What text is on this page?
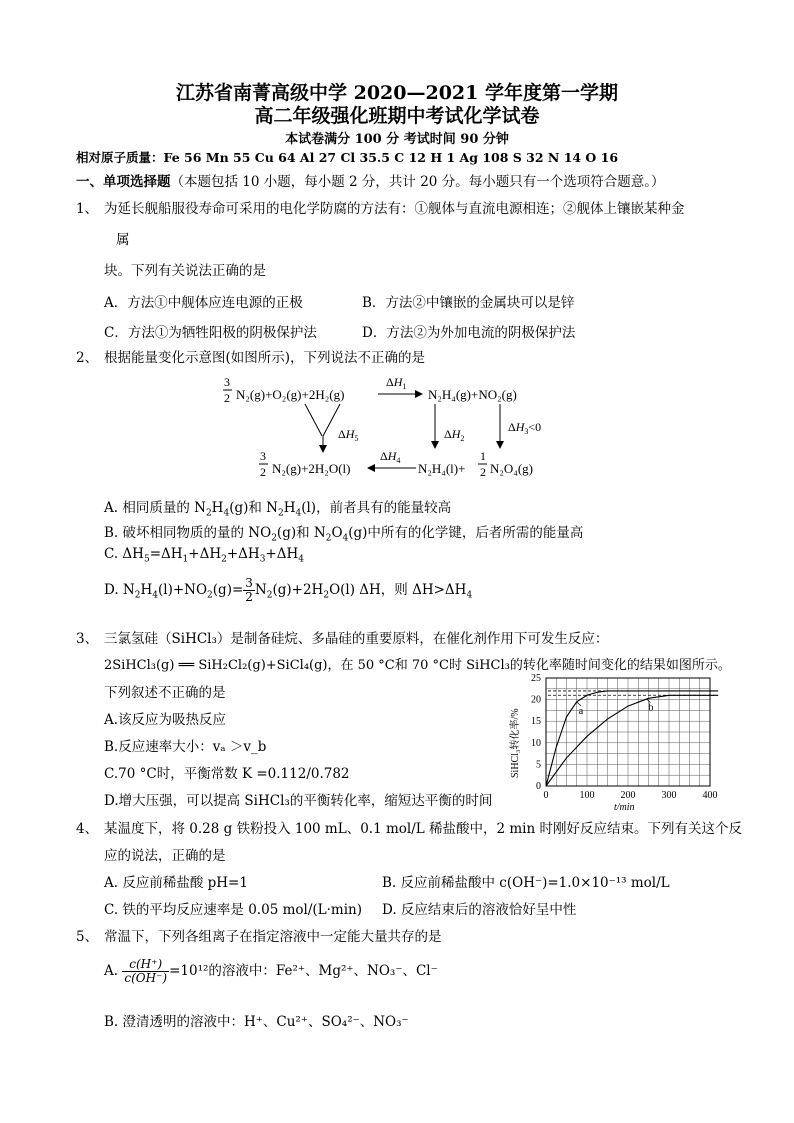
江苏省南菁高级中学 2020—2021 学年度第一学期
高二年级强化班期中考试化学试卷
本试卷满分 100 分 考试时间 90 分钟
相对原子质量：Fe 56 Mn 55 Cu 64 Al 27 Cl 35.5 C 12 H 1 Ag 108 S 32 N 14 O 16
一、单项选择题（本题包括 10 小题，每小题 2 分，共计 20 分。每小题只有一个选项符合题意。）
1、 为延长舰船服役寿命可采用的电化学防腐的方法有：①舰体与直流电源相连；②舰体上镶嵌某种金
属
块。下列有关说法正确的是
A．方法①中舰体应连电源的正极	B．方法②中镶嵌的金属块可以是锌
C．方法①为牺牲阳极的阴极保护法	D．方法②为外加电流的阴极保护法
2、 根据能量变化示意图(如图所示)，下列说法不正确的是
3
2 N₂(g)+O₂(g)+2H₂(g)
$\Delta H_1$
N₂H₄(g)+NO₂(g)
$\Delta H_5$	$\Delta H_2$
$\Delta H_3<0$
3
2 N₂(g)+2H₂O(l)
$\Delta H_4$
N₂H₄(l)+
1
2 N₂O₄(g)
A. 相同质量的 $N_2H_4(g)$和 $N_2H_4(l)$，前者具有的能量较高
B. 破坏相同物质的量的 $NO_2(g)$和 $N_2O_4(g)$中所有的化学键，后者所需的能量高
C. $\Delta H_5=\Delta H_1+\Delta H_2+\Delta H_3+\Delta H_4$
D. $N_2H_4(l)+NO_2(g)= \frac{3}{2} N_2(g)+2H_2O(l)$ ΔH，则 $\Delta H>\Delta H_4$
3、 三氯氢硅（SiHCl₃）是制备硅烷、多晶硅的重要原料，在催化剂作用下可发生反应：
2SiHCl₃(g) ══ SiH₂Cl₂(g)+SiCl₄(g)，在 50 °C和 70 °C时 SiHCl₃的转化率随时间变化的结果如图所示。
下列叙述不正确的是
A.该反应为吸热反应
B.反应速率大小：vₐ ＞v_b
C.70 °C时，平衡常数 K =0.112/0.782
D.增大压强，可以提高 SiHCl₃的平衡转化率，缩短达平衡的时间
0
5
10
15
20
25
0	100	200	300	400
a	b
SiHCl₃转化率/%
t/min
4、 某温度下，将 0.28 g 铁粉投入 100 mL、0.1 mol/L 稀盐酸中，2 min 时刚好反应结束。下列有关这个反
应的说法，正确的是
A. 反应前稀盐酸 pH=1	B. 反应前稀盐酸中 c(OH⁻)=1.0×10⁻¹³ mol/L
C. 铁的平均反应速率是 0.05 mol/(L·min) D. 反应结束后的溶液恰好呈中性
5、 常温下，下列各组离子在指定溶液中一定能大量共存的是
A. $\frac{c(H^+)}{c(OH^-)} =10^{12}$的溶液中：Fe²⁺、Mg²⁺、NO₃⁻、Cl⁻
B. 澄清透明的溶液中：H⁺、Cu²⁺、SO₄²⁻、NO₃⁻
